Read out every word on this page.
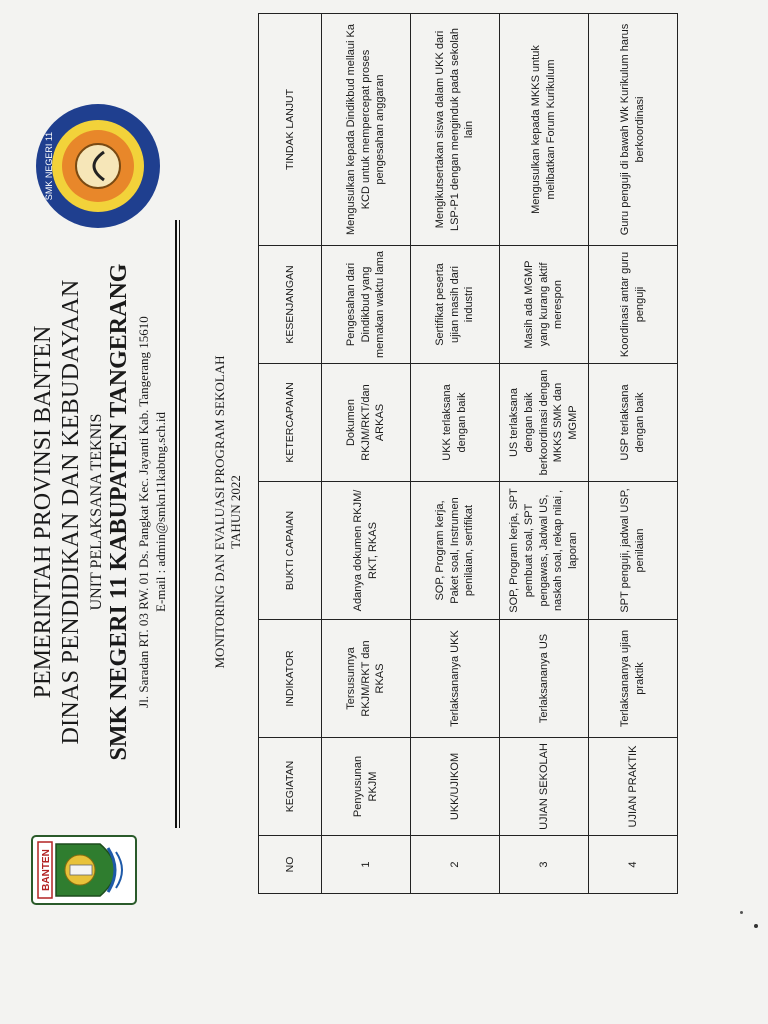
BANTEN
SMK NEGERI 11
PEMERINTAH PROVINSI BANTEN DINAS PENDIDIKAN DAN KEBUDAYAAN UNIT PELAKSANA TEKNIS SMK NEGERI 11 KABUPATEN TANGERANG Jl. Saradan RT. 03 RW. 01 Ds. Pangkat Kec. Jayanti Kab. Tangerang 15610 E-mail : admin@smkn11kabtng.sch.id	MONITORING DAN EVALUASI PROGRAM SEKOLAH TAHUN 2022
NO	KEGIATAN	INDIKATOR	BUKTI CAPAIAN	KETERCAPAIAN	KESENJANGAN	TINDAK LANJUT
1	Penyusunan RKJM	Tersusunnya RKJM/RKT dan RKAS	Adanya dokumen RKJM/ RKT, RKAS	Dokumen RKJM/RKT/dan ARKAS	Pengesahan dari Dindikbud yang memakan waktu lama	Mengusulkan kepada Dindikbud mellaui Ka KCD untuk mempercepat proses pengesahan anggaran
2	UKK/UJIKOM	Terlaksananya UKK	SOP, Program kerja, Paket soal, Instrumen penilaian, sertifikat	UKK terlaksana dengan baik	Sertifikat peserta ujian masih dari industri	Mengikutsertakan siswa dalam UKK dari LSP-P1 dengan menginduk pada sekolah lain
3	UJIAN SEKOLAH	Terlaksananya US	SOP, Program kerja, SPT pembuat soal, SPT pengawas, Jadwal US, naskah soal, rekap nilai , laporan	US terlaksana dengan baik berkoordinasi dengan MKKS SMK dan MGMP	Masih ada MGMP yang kurang aktif merespon	Mengusulkan kepada MKKS untuk melibatkan Forum Kurikulum
4	UJIAN PRAKTIK	Terlaksananya ujian praktik	SPT penguji, jadwal USP, penilaian	USP terlaksana dengan baik	Koordinasi antar guru penguji	Guru penguji di bawah Wk Kurikulum harus berkoordinasi
